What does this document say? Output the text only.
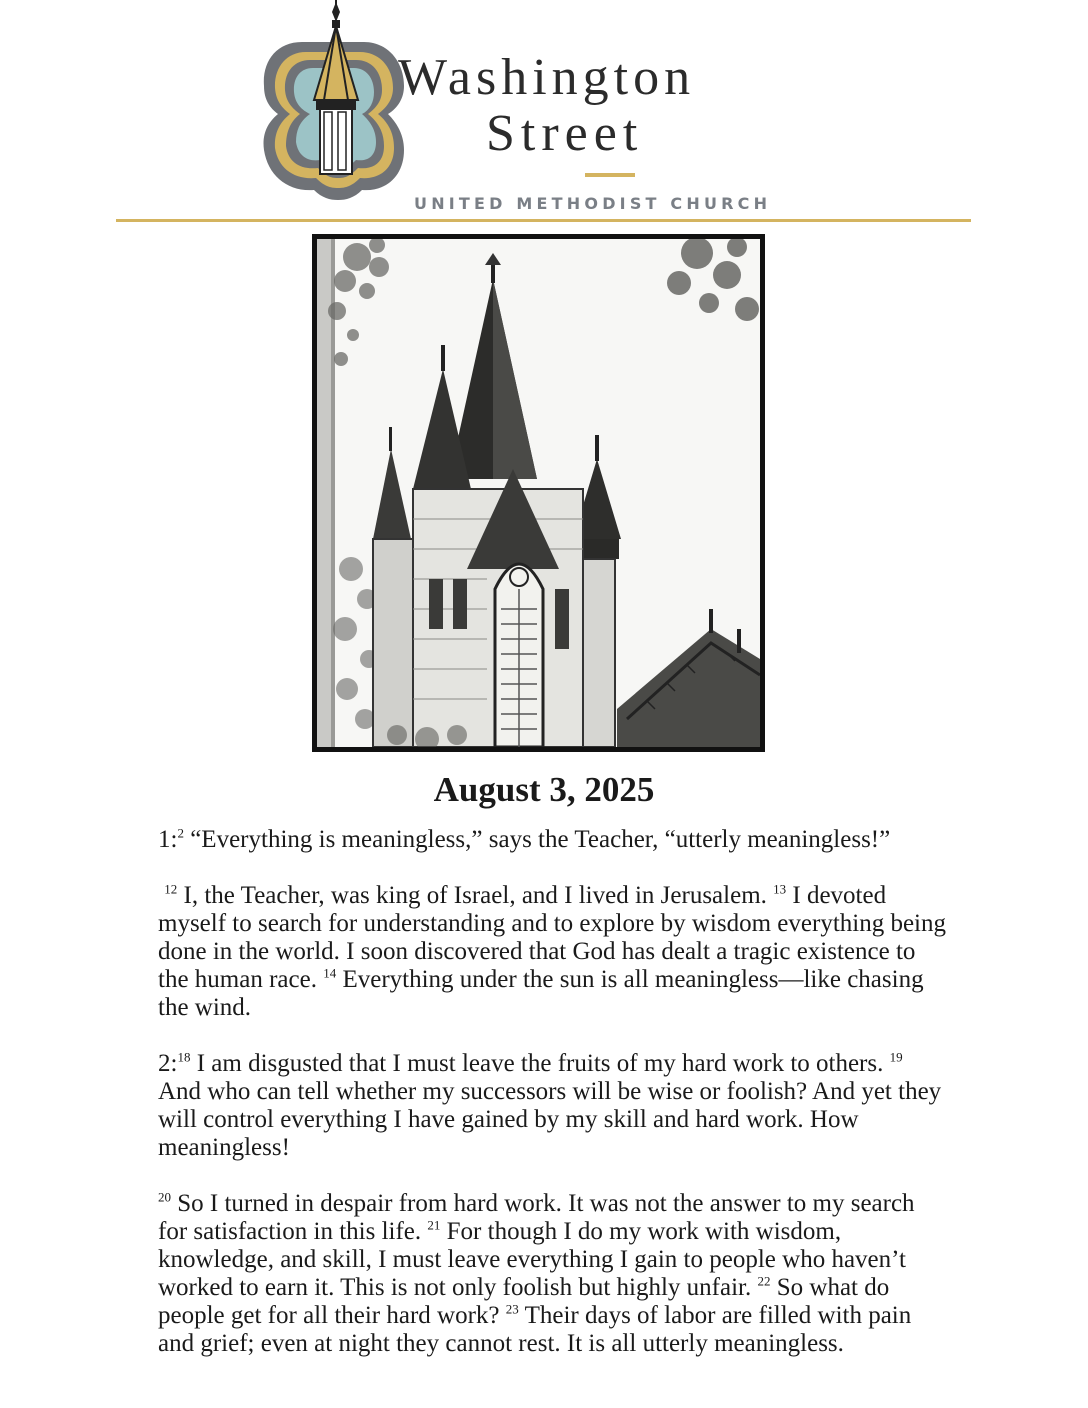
Washington
Street
UNITED METHODIST CHURCH
August 3, 2025

1:$^2$ “Everything is meaningless,” says the Teacher, “utterly meaningless!”

$^{12}$ I, the Teacher, was king of Israel, and I lived in Jerusalem. $^{13}$ I devoted myself to search for understanding and to explore by wisdom everything being done in the world. I soon discovered that God has dealt a tragic existence to the human race. $^{14}$ Everything under the sun is all meaningless—like chasing the wind.

2:$^{18}$ I am disgusted that I must leave the fruits of my hard work to others. $^{19}$ And who can tell whether my successors will be wise or foolish? And yet they will control everything I have gained by my skill and hard work. How meaningless!

$^{20}$ So I turned in despair from hard work. It was not the answer to my search for satisfaction in this life. $^{21}$ For though I do my work with wisdom, knowledge, and skill, I must leave everything I gain to people who haven’t worked to earn it. This is not only foolish but highly unfair. $^{22}$ So what do people get for all their hard work? $^{23}$ Their days of labor are filled with pain and grief; even at night they cannot rest. It is all utterly meaningless.
